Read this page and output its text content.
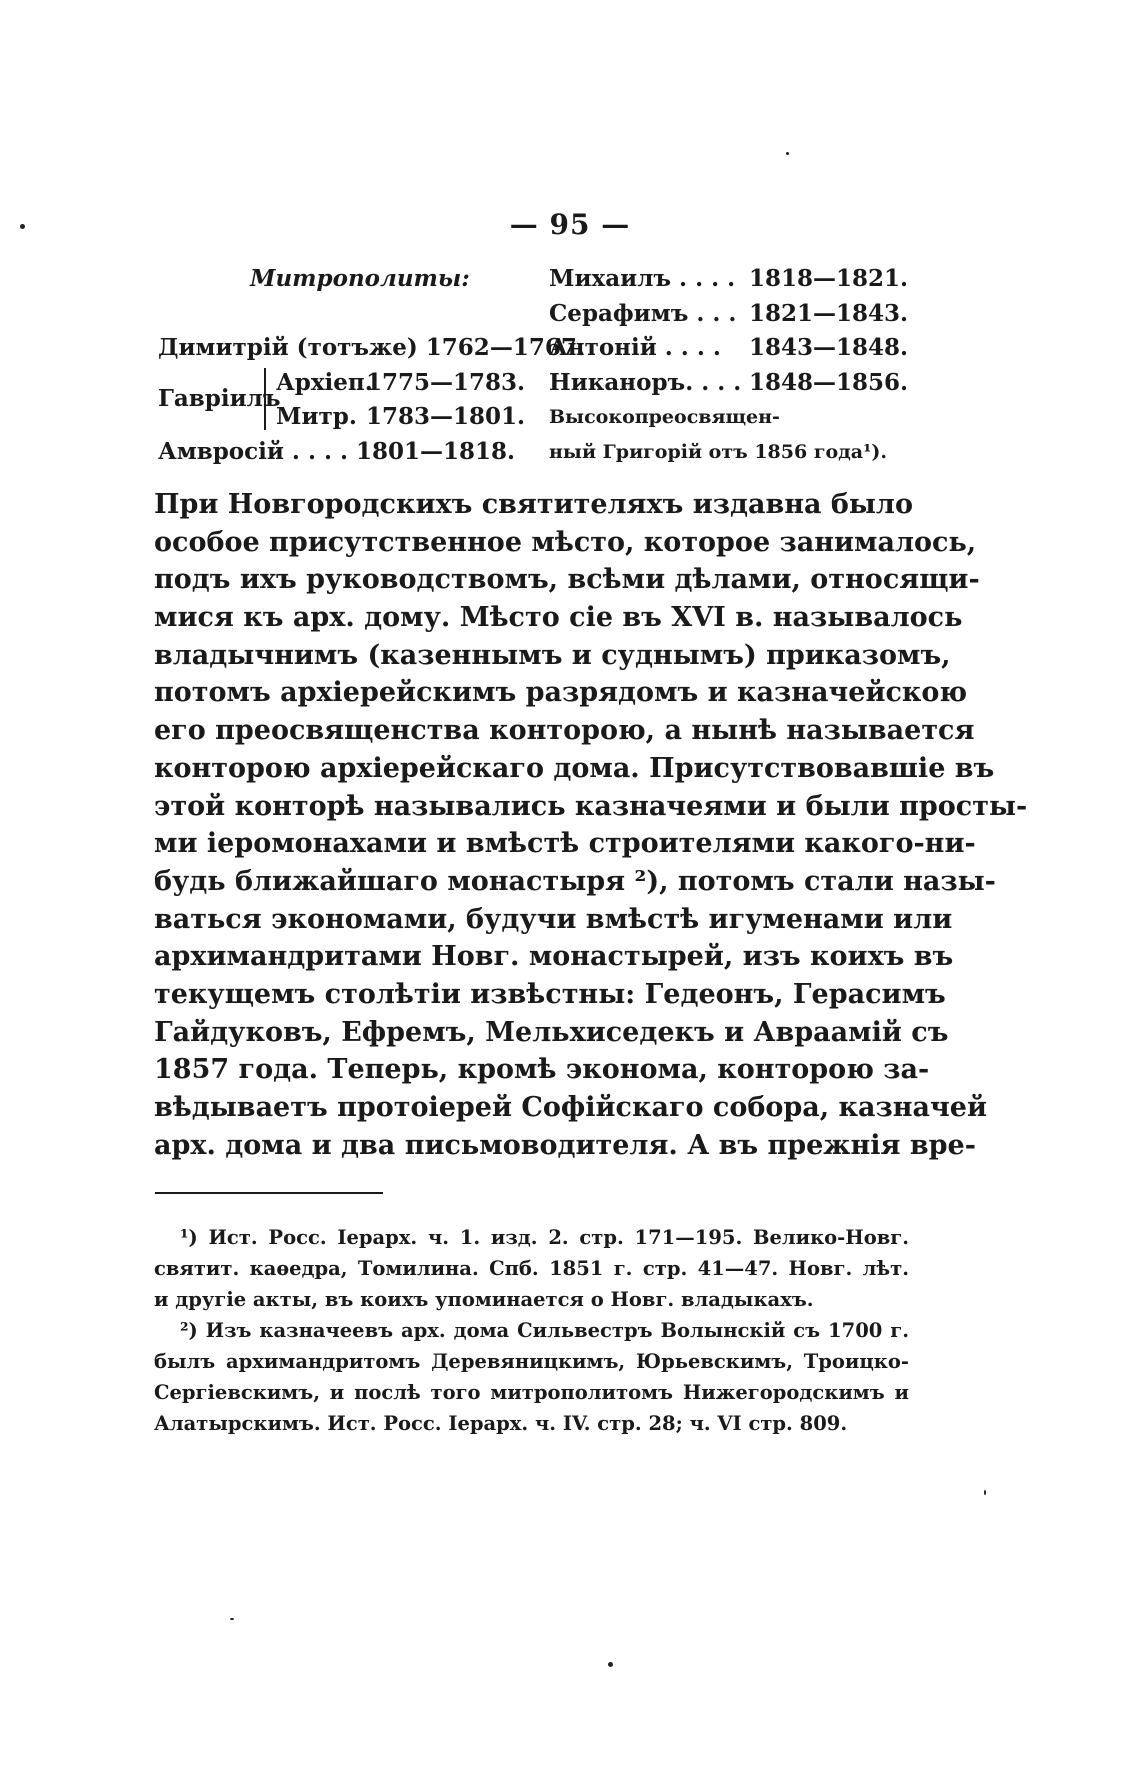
— 95 —
Митрополиты:
Димитрій (тотъже) 1762—1767.
Гавріилъ
Архіеп.1775—1783.
Митр. 1783—1801.
Амвросій . . . . 1801—1818.
Михаилъ . . . . 1818—1821.
Серафимъ . . . 1821—1843.
Антоній . . . . 1843—1848.
Никаноръ. . . . 1848—1856.
Высокопреосвящен-
ный Григорій отъ 1856 года¹).
При Новгородскихъ святителяхъ издавна было
особое присутственное мѣсто, которое занималось,
подъ ихъ руководствомъ, всѣми дѣлами, относящи-
мися къ арх. дому. Мѣсто сіе въ XVI в. называлось
владычнимъ (казеннымъ и суднымъ) приказомъ,
потомъ архіерейскимъ разрядомъ и казначейскою
его преосвященства конторою, а нынѣ называется
конторою архіерейскаго дома. Присутствовавшіе въ
этой конторѣ назывались казначеями и были просты-
ми іеромонахами и вмѣстѣ строителями какого-ни-
будь ближайшаго монастыря ²), потомъ стали назы-
ваться экономами, будучи вмѣстѣ игуменами или
архимандритами Новг. монастырей, изъ коихъ въ
текущемъ столѣтіи извѣстны: Гедеонъ, Герасимъ
Гайдуковъ, Ефремъ, Мельхиседекъ и Авраамій съ
1857 года. Теперь, кромѣ эконома, конторою за-
вѣдываетъ протоіерей Софійскаго собора, казначей
арх. дома и два письмоводителя. А въ прежнія вре-
¹) Ист. Росс. Іерарх. ч. 1. изд. 2. стр. 171—195. Велико-Новг.
святит. каѳедра, Томилина. Спб. 1851 г. стр. 41—47. Новг. лѣт.
и другіе акты, въ коихъ упоминается о Новг. владыкахъ.
²) Изъ казначеевъ арх. дома Сильвестръ Волынскій съ 1700 г.
былъ архимандритомъ Деревяницкимъ, Юрьевскимъ, Троицко-
Сергіевскимъ, и послѣ того митрополитомъ Нижегородскимъ и
Алатырскимъ. Ист. Росс. Іерарх. ч. IV. стр. 28; ч. VI стр. 809.
